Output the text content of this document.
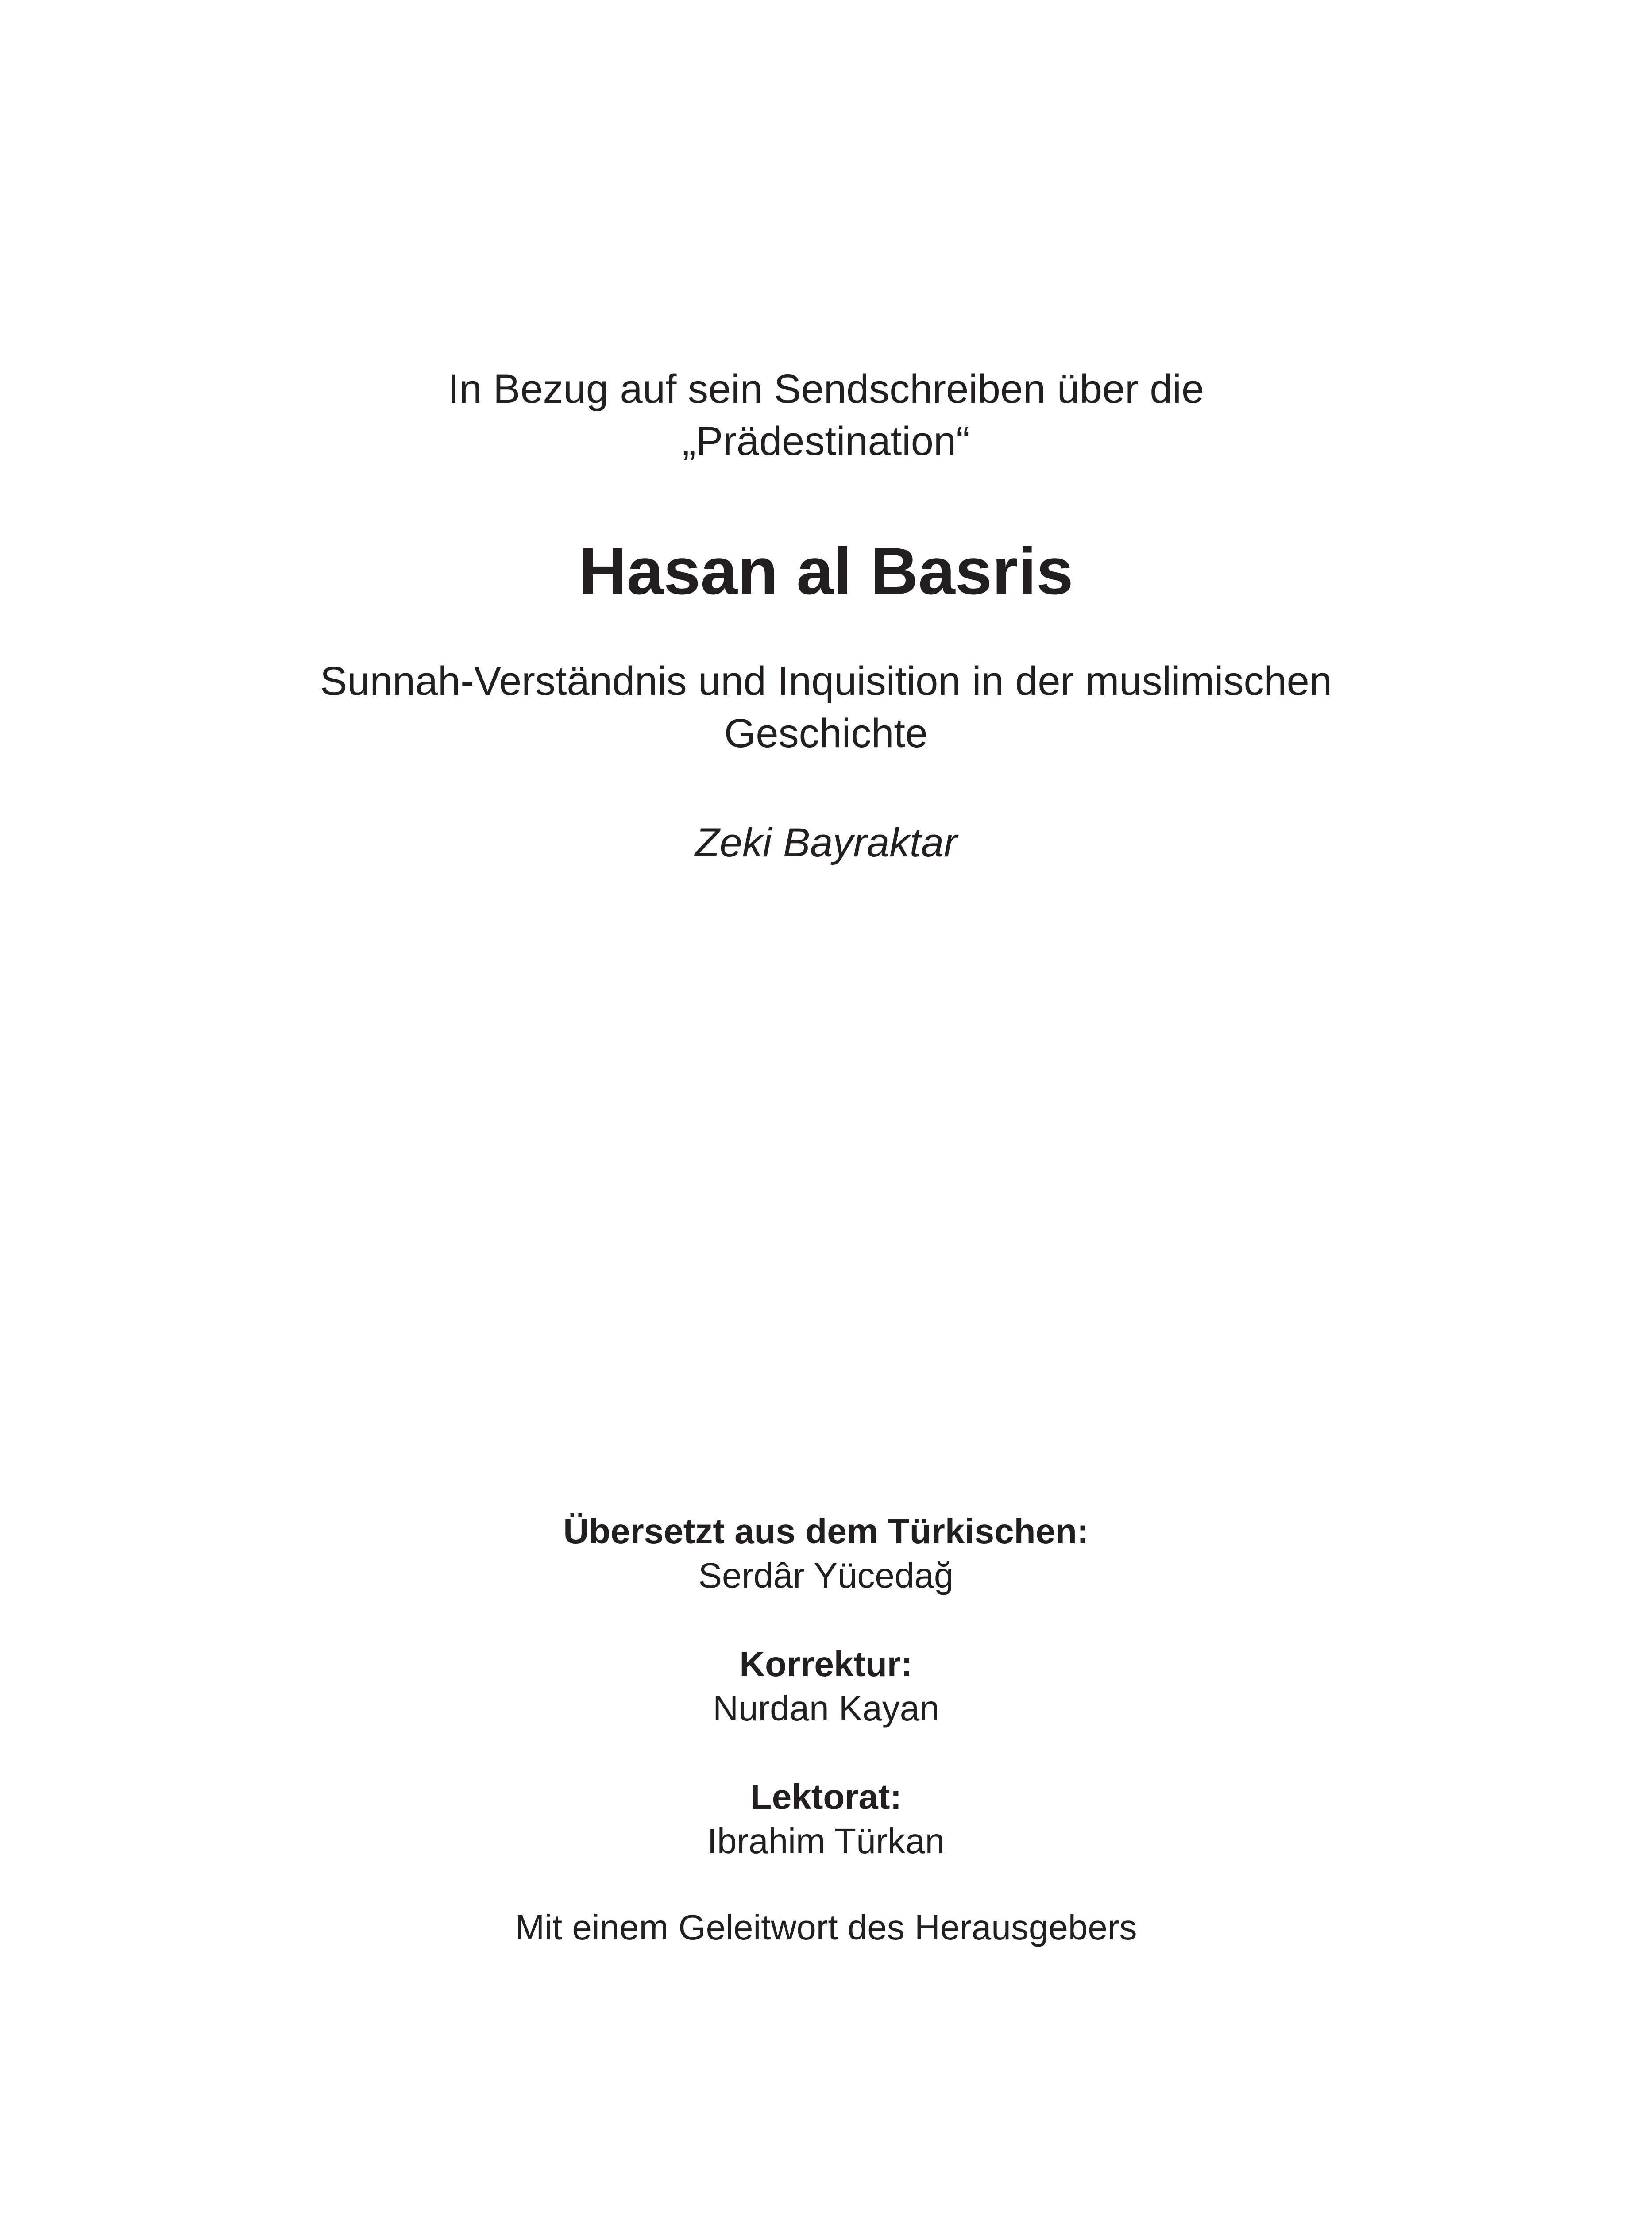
In Bezug auf sein Sendschreiben über die
„Prädestination“
Hasan al Basris
Sunnah-Verständnis und Inquisition in der muslimischen
Geschichte
Zeki Bayraktar
Übersetzt aus dem Türkischen:
Serdâr Yücedağ
Korrektur:
Nurdan Kayan
Lektorat:
Ibrahim Türkan
Mit einem Geleitwort des Herausgebers
